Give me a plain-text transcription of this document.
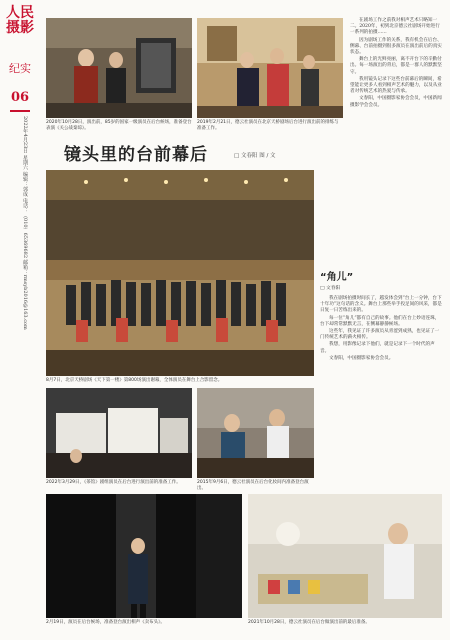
人民摄影
纪实
06
2022年4月23日 星期六 编辑：郭成 电话：（010）65369682 邮箱：rmsyb2016@163.com	2020年10月28日，演出前，85岁的国家一级演员在后台候场，准备登台表演《关公战秦琼》。
2019年2月21日，德云社演员在北京天桥剧场后台进行演出前的排练与准备工作。

在剧场工作之前我对相声艺术只略知一二。2020年，初到北京德云社剧场开始进行一系列的拍摄……

因为剧场工作的关系，我有机会在后台、侧幕、台前拍摄到很多演员在演出前后的真实状态。

舞台上的光鲜亮丽，离不开台下的辛勤付出。每一场演出的背后，都是一群人的默默坚守。

我用镜头记录下这些台前幕后的瞬间，希望能让更多人看到相声艺术的魅力，以及从业者对传统艺术的热爱与传承。

文春阳，中国摄影家协会会员，中国新闻摄影学会会员。

镜头里的台前幕后	□ 文春阳 图 / 文
8月7日，北京天桥剧场《天下第一楼》第800场演出谢幕，全体演员在舞台上合影留念。
“角儿”
□ 文春阳

我在剧场拍摄时间长了，越发体会到“台上一分钟，台下十年功”这句话的含义。舞台上那些举手投足间的风采，都是日复一日苦练出来的。

每一位“角儿”都有自己的故事。他们在台上妙语连珠，台下却常常默默无言，在侧幕静静候场。

这些年，我见证了许多演员从青涩到成熟，也见证了一门传统艺术的薪火相传。

我想，用影像记录下他们，就是记录下一个时代的声音。

文春阳，中国摄影家协会会员。

2022年3月29日，《茶馆》剧组演员在后台进行演出前的准备工作。	2015年9月6日，德云社演员在后台化妆间内准备登台演出。
2月19日，演员在后台候场，准备登台演出相声《卖布头》。	2021年10月28日，德云社演员在后台做演出前的最后准备。
